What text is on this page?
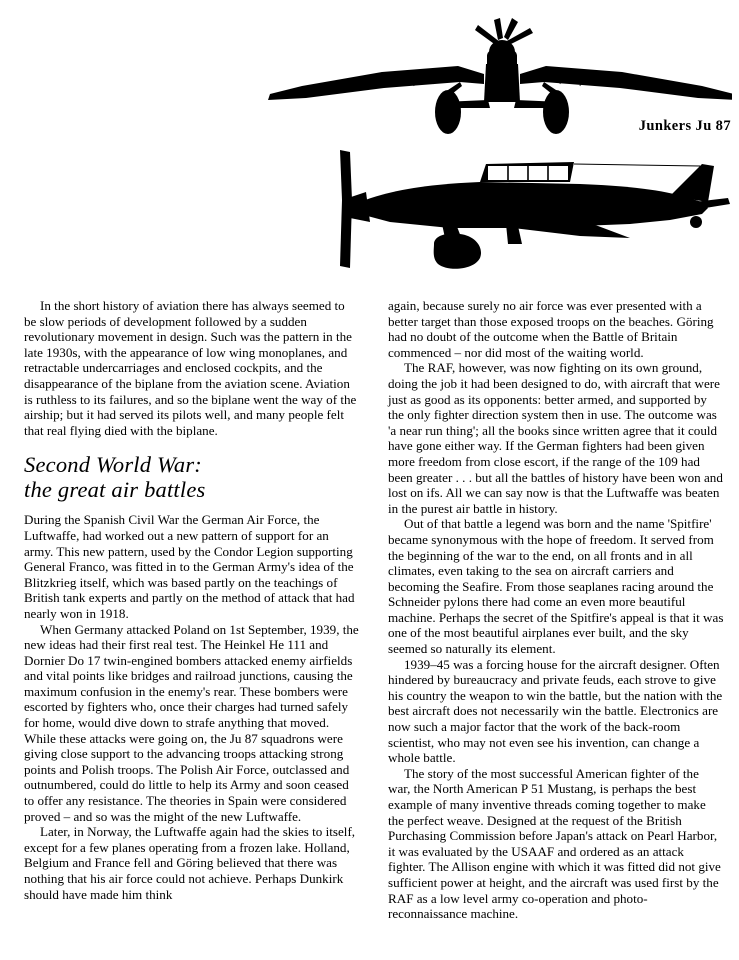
Junkers Ju 87

In the short history of aviation there has always seemed to be slow periods of development followed by a sudden revolutionary movement in design. Such was the pattern in the late 1930s, with the appearance of low wing monoplanes, and retractable undercarriages and enclosed cockpits, and the disappearance of the biplane from the aviation scene. Aviation is ruthless to its failures, and so the biplane went the way of the airship; but it had served its pilots well, and many people felt that real flying died with the biplane.

Second World War:
the great air battles

During the Spanish Civil War the German Air Force, the Luftwaffe, had worked out a new pattern of support for an army. This new pattern, used by the Condor Legion supporting General Franco, was fitted in to the German Army's idea of the Blitzkrieg itself, which was based partly on the teachings of British tank experts and partly on the method of attack that had nearly won in 1918.

When Germany attacked Poland on 1st September, 1939, the new ideas had their first real test. The Heinkel He 111 and Dornier Do 17 twin-engined bombers attacked enemy airfields and vital points like bridges and railroad junctions, causing the maximum confusion in the enemy's rear. These bombers were escorted by fighters who, once their charges had turned safely for home, would dive down to strafe anything that moved. While these attacks were going on, the Ju 87 squadrons were giving close support to the advancing troops attacking strong points and Polish troops. The Polish Air Force, outclassed and outnumbered, could do little to help its Army and soon ceased to offer any resistance. The theories in Spain were considered proved – and so was the might of the new Luftwaffe.

Later, in Norway, the Luftwaffe again had the skies to itself, except for a few planes operating from a frozen lake. Holland, Belgium and France fell and Göring believed that there was nothing that his air force could not achieve. Perhaps Dunkirk should have made him think

again, because surely no air force was ever presented with a better target than those exposed troops on the beaches. Göring had no doubt of the outcome when the Battle of Britain commenced – nor did most of the waiting world.

The RAF, however, was now fighting on its own ground, doing the job it had been designed to do, with aircraft that were just as good as its opponents: better armed, and supported by the only fighter direction system then in use. The outcome was 'a near run thing'; all the books since written agree that it could have gone either way. If the German fighters had been given more freedom from close escort, if the range of the 109 had been greater . . . but all the battles of history have been won and lost on ifs. All we can say now is that the Luftwaffe was beaten in the purest air battle in history.

Out of that battle a legend was born and the name 'Spitfire' became synonymous with the hope of freedom. It served from the beginning of the war to the end, on all fronts and in all climates, even taking to the sea on aircraft carriers and becoming the Seafire. From those seaplanes racing around the Schneider pylons there had come an even more beautiful machine. Perhaps the secret of the Spitfire's appeal is that it was one of the most beautiful airplanes ever built, and the sky seemed so naturally its element.

1939–45 was a forcing house for the aircraft designer. Often hindered by bureaucracy and private feuds, each strove to give his country the weapon to win the battle, but the nation with the best aircraft does not necessarily win the battle. Electronics are now such a major factor that the work of the back-room scientist, who may not even see his invention, can change a whole battle.

The story of the most successful American fighter of the war, the North American P 51 Mustang, is perhaps the best example of many inventive threads coming together to make the perfect weave. Designed at the request of the British Purchasing Commission before Japan's attack on Pearl Harbor, it was evaluated by the USAAF and ordered as an attack fighter. The Allison engine with which it was fitted did not give sufficient power at height, and the aircraft was used first by the RAF as a low level army co-operation and photo-reconnaissance machine.
